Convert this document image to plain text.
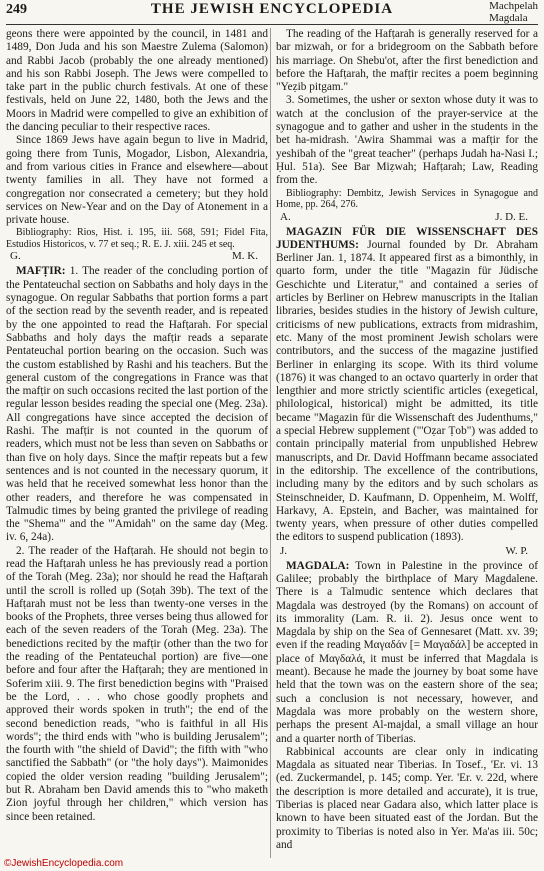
249	THE JEWISH ENCYCLOPEDIA	Machpelah
Magdala

geons there were appointed by the council, in 1481 and 1489, Don Juda and his son Maestre Zulema (Salomon) and Rabbi Jacob (probably the one already mentioned) and his son Rabbi Joseph. The Jews were compelled to take part in the public church festivals. At one of these festivals, held on June 22, 1480, both the Jews and the Moors in Madrid were compelled to give an exhibition of the dancing peculiar to their respective races.

Since 1869 Jews have again begun to live in Madrid, going there from Tunis, Mogador, Lisbon, Alexandria, and from various cities in France and elsewhere—about twenty families in all. They have not formed a congregation nor consecrated a cemetery; but they hold services on New-Year and on the Day of Atonement in a private house.

Bibliography: Rios, Hist. i. 195, iii. 568, 591; Fidel Fita, Estudios Historicos, v. 77 et seq.; R. E. J. xiii. 245 et seq.

G.	M. K.

MAFṬIR: 1. The reader of the concluding portion of the Pentateuchal section on Sabbaths and holy days in the synagogue. On regular Sabbaths that portion forms a part of the section read by the seventh reader, and is repeated by the one appointed to read the Hafṭarah. For special Sabbaths and holy days the mafṭir reads a separate Pentateuchal portion bearing on the occasion. Such was the custom established by Rashi and his teachers. But the general custom of the congregations in France was that the mafṭir on such occasions recited the last portion of the regular lesson besides reading the special one (Meg. 23a). All congregations have since accepted the decision of Rashi. The mafṭir is not counted in the quorum of readers, which must not be less than seven on Sabbaths or than five on holy days. Since the mafṭir repeats but a few sentences and is not counted in the necessary quorum, it was held that he received somewhat less honor than the other readers, and therefore he was compensated in Talmudic times by being granted the privilege of reading the "Shema'" and the "'Amidah" on the same day (Meg. iv. 6, 24a).

2. The reader of the Hafṭarah. He should not begin to read the Hafṭarah unless he has previously read a portion of the Torah (Meg. 23a); nor should he read the Hafṭarah until the scroll is rolled up (Soṭah 39b). The text of the Hafṭarah must not be less than twenty-one verses in the books of the Prophets, three verses being thus allowed for each of the seven readers of the Torah (Meg. 23a). The benedictions recited by the mafṭir (other than the two for the reading of the Pentateuchal portion) are five—one before and four after the Hafṭarah; they are mentioned in Soferim xiii. 9. The first benediction begins with "Praised be the Lord, . . . who chose goodly prophets and approved their words spoken in truth"; the end of the second benediction reads, "who is faithful in all His words"; the third ends with "who is building Jerusalem"; the fourth with "the shield of David"; the fifth with "who sanctified the Sabbath" (or "the holy days"). Maimonides copied the older version reading "building Jerusalem"; but R. Abraham ben David amends this to "who maketh Zion joyful through her children," which version has since been retained.

The reading of the Hafṭarah is generally reserved for a bar mizwah, or for a bridegroom on the Sabbath before his marriage. On Shebu'ot, after the first benediction and before the Hafṭarah, the mafṭir recites a poem beginning "Yeẓib pitgam."

3. Sometimes, the usher or sexton whose duty it was to watch at the conclusion of the prayer-service at the synagogue and to gather and usher in the students in the bet ha-midrash. 'Awira Shammai was a mafṭir for the yeshibah of the "great teacher" (perhaps Judah ha-Nasi I.; Ḥul. 51a). See Bar Miẓwah; Hafṭarah; Law, Reading from the.

Bibliography: Dembitz, Jewish Services in Synagogue and Home, pp. 264, 276.

A.	J. D. E.

MAGAZIN FÜR DIE WISSENSCHAFT DES JUDENTHUMS: Journal founded by Dr. Abraham Berliner Jan. 1, 1874. It appeared first as a bimonthly, in quarto form, under the title "Magazin für Jüdische Geschichte und Literatur," and contained a series of articles by Berliner on Hebrew manuscripts in the Italian libraries, besides studies in the history of Jewish culture, criticisms of new publications, extracts from midrashim, etc. Many of the most prominent Jewish scholars were contributors, and the success of the magazine justified Berliner in enlarging its scope. With its third volume (1876) it was changed to an octavo quarterly in order that lengthier and more strictly scientific articles (exegetical, philological, historical) might be admitted, its title became "Magazin für die Wissenschaft des Judenthums," a special Hebrew supplement ("'Oẓar Ṭob") was added to contain principally material from unpublished Hebrew manuscripts, and Dr. David Hoffmann became associated in the editorship. The excellence of the contributions, including many by the editors and by such scholars as Steinschneider, D. Kaufmann, D. Oppenheim, M. Wolff, Harkavy, A. Epstein, and Bacher, was maintained for twenty years, when pressure of other duties compelled the editors to suspend publication (1893).

J.	W. P.

MAGDALA: Town in Palestine in the province of Galilee; probably the birthplace of Mary Magdalene. There is a Talmudic sentence which declares that Magdala was destroyed (by the Romans) on account of its immorality (Lam. R. ii. 2). Jesus once went to Magdala by ship on the Sea of Gennesaret (Matt. xv. 39; even if the reading Μαγαδάν [= Μαγαδάλ] be accepted in place of Μαγδαλά, it must be inferred that Magdala is meant). Because he made the journey by boat some have held that the town was on the eastern shore of the sea; such a conclusion is not necessary, however, and Magdala was more probably on the western shore, perhaps the present Al-majdal, a small village an hour and a quarter north of Tiberias.

Rabbinical accounts are clear only in indicating Magdala as situated near Tiberias. In Tosef., 'Er. vi. 13 (ed. Zuckermandel, p. 145; comp. Yer. 'Er. v. 22d, where the description is more detailed and accurate), it is true, Tiberias is placed near Gadara also, which latter place is known to have been situated east of the Jordan. But the proximity to Tiberias is noted also in Yer. Ma'as iii. 50c; and

©JewishEncyclopedia.com
